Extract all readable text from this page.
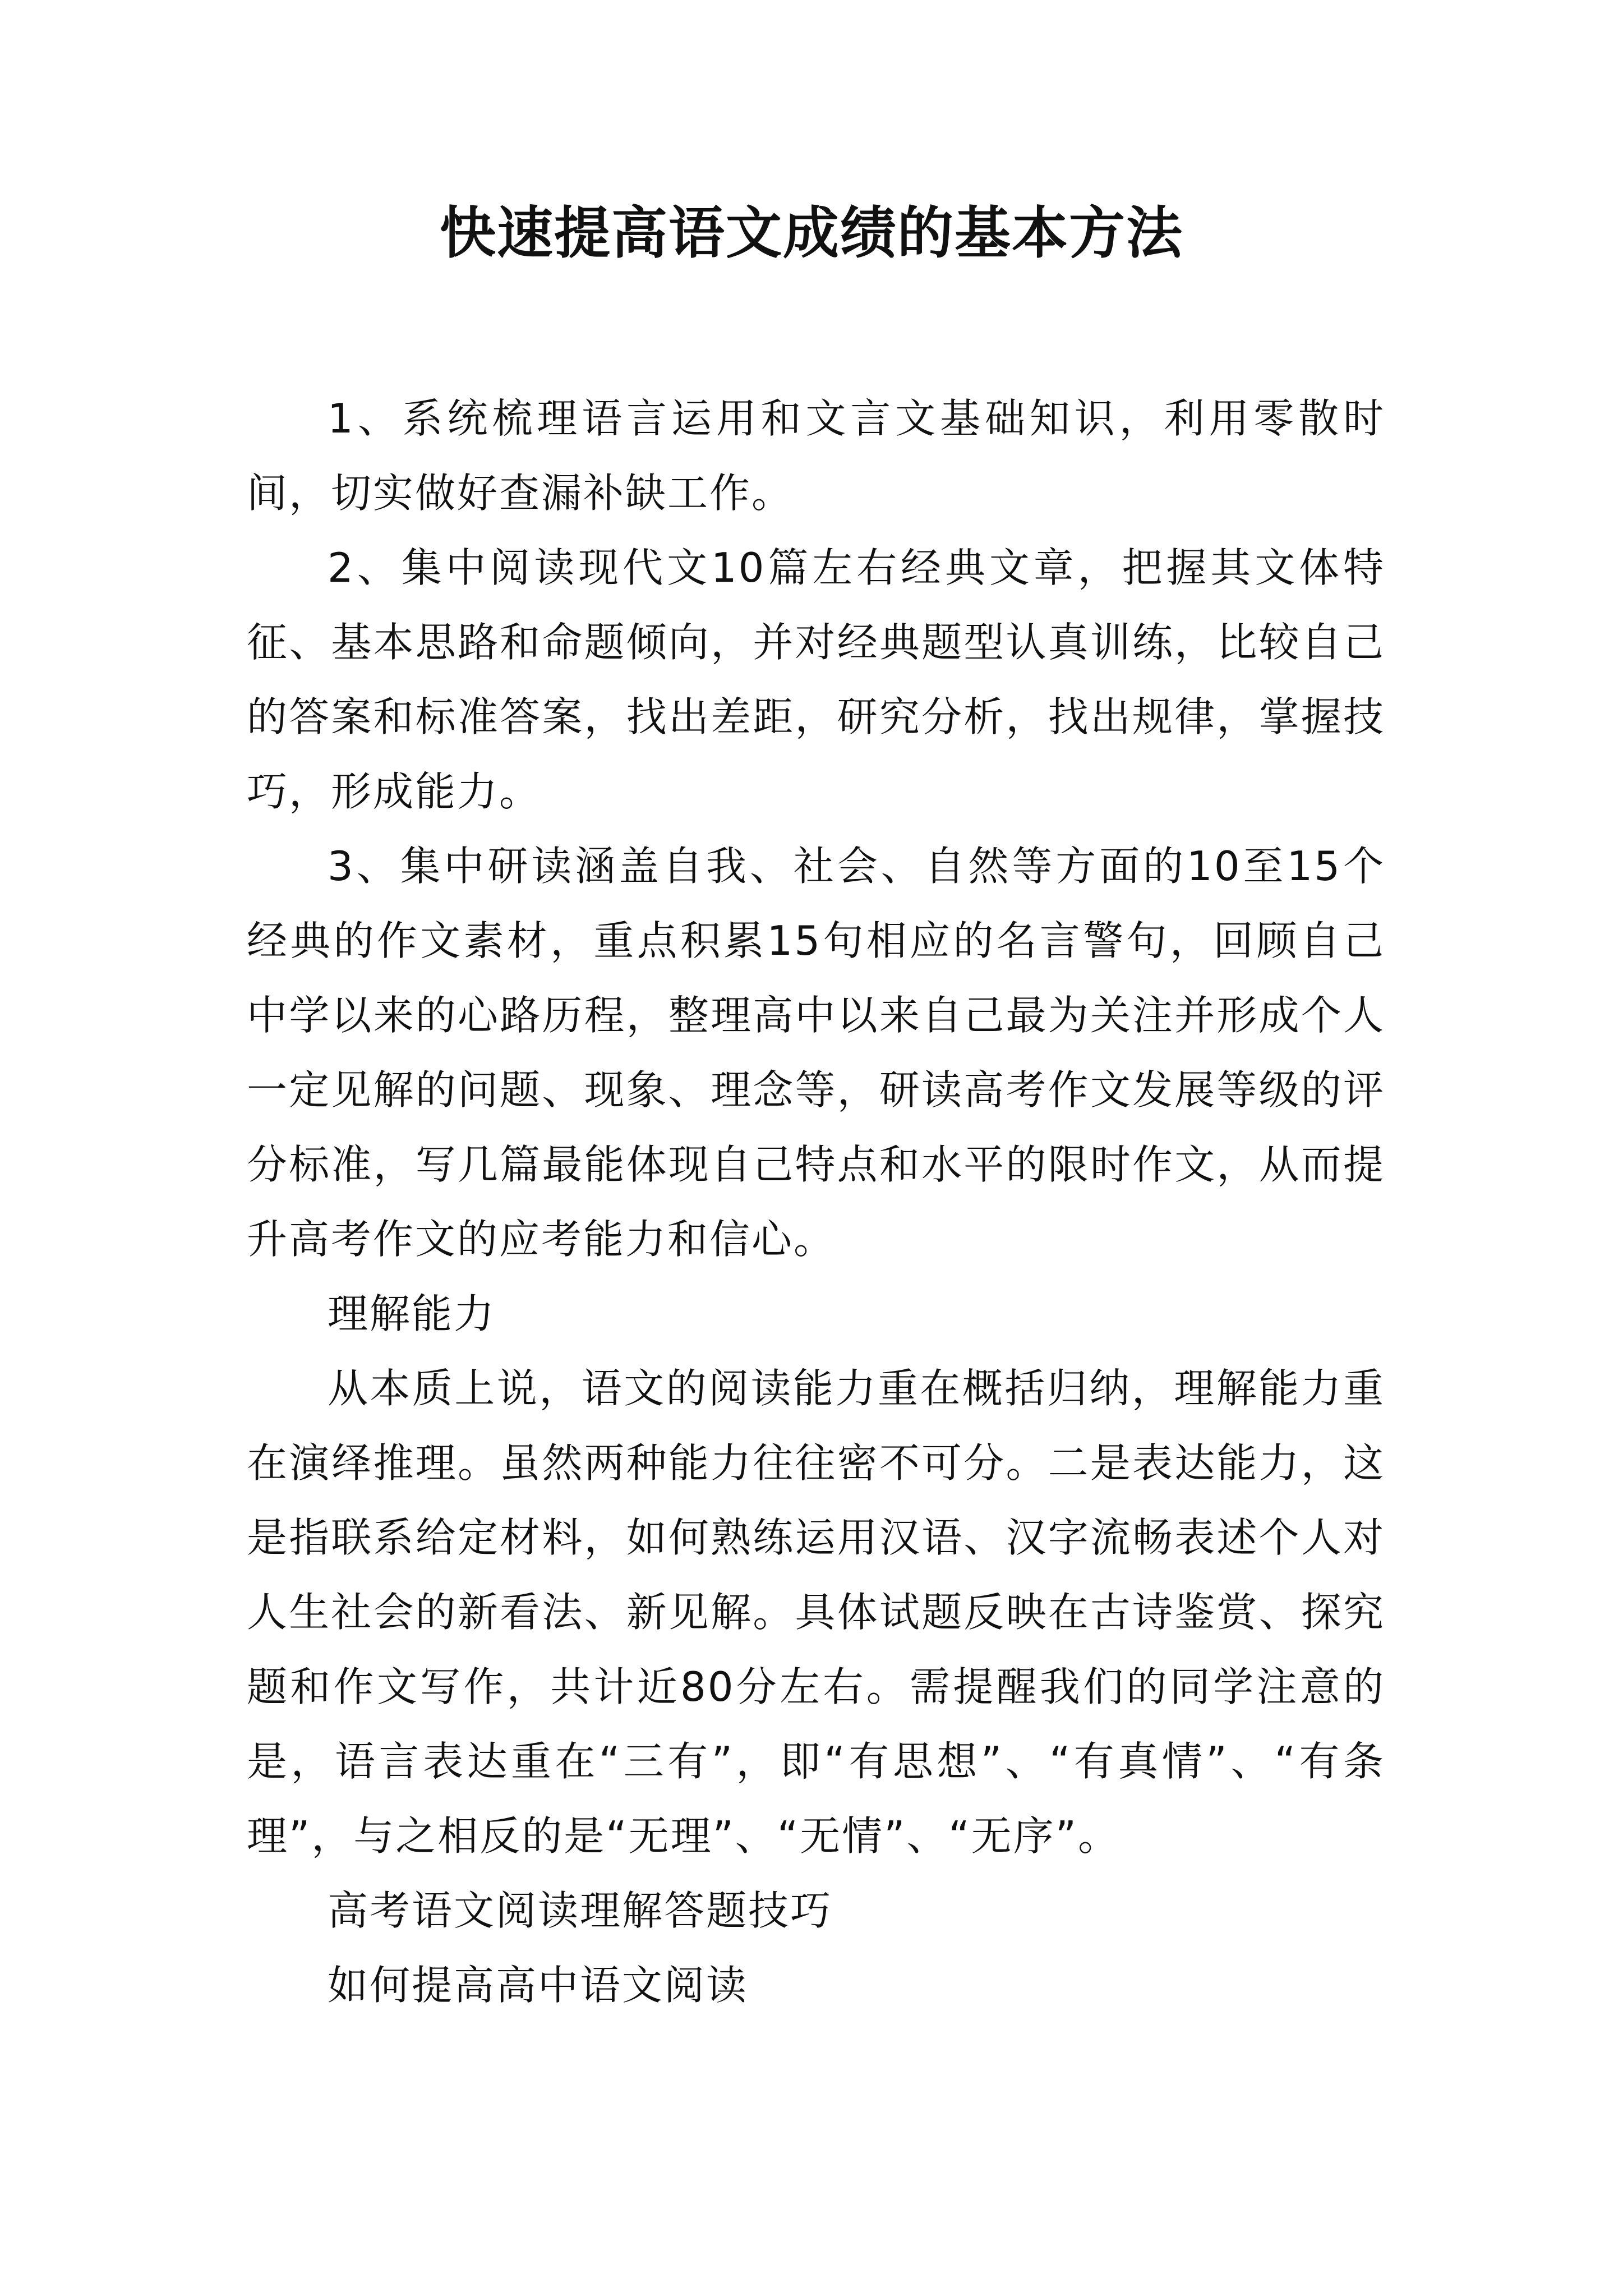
快速提高语文成绩的基本方法

1、系统梳理语言运用和文言文基础知识，利用零散时间，切实做好查漏补缺工作。

2、集中阅读现代文10篇左右经典文章，把握其文体特征、基本思路和命题倾向，并对经典题型认真训练，比较自己的答案和标准答案，找出差距，研究分析，找出规律，掌握技巧，形成能力。

3、集中研读涵盖自我、社会、自然等方面的10至15个经典的作文素材，重点积累15句相应的名言警句，回顾自己中学以来的心路历程，整理高中以来自己最为关注并形成个人一定见解的问题、现象、理念等，研读高考作文发展等级的评分标准，写几篇最能体现自己特点和水平的限时作文，从而提升高考作文的应考能力和信心。

理解能力

从本质上说，语文的阅读能力重在概括归纳，理解能力重在演绎推理。虽然两种能力往往密不可分。二是表达能力，这是指联系给定材料，如何熟练运用汉语、汉字流畅表述个人对人生社会的新看法、新见解。具体试题反映在古诗鉴赏、探究题和作文写作，共计近80分左右。需提醒我们的同学注意的是，语言表达重在“三有”，即“有思想”、“有真情”、“有条理”，与之相反的是“无理”、“无情”、“无序”。

高考语文阅读理解答题技巧

如何提高高中语文阅读
